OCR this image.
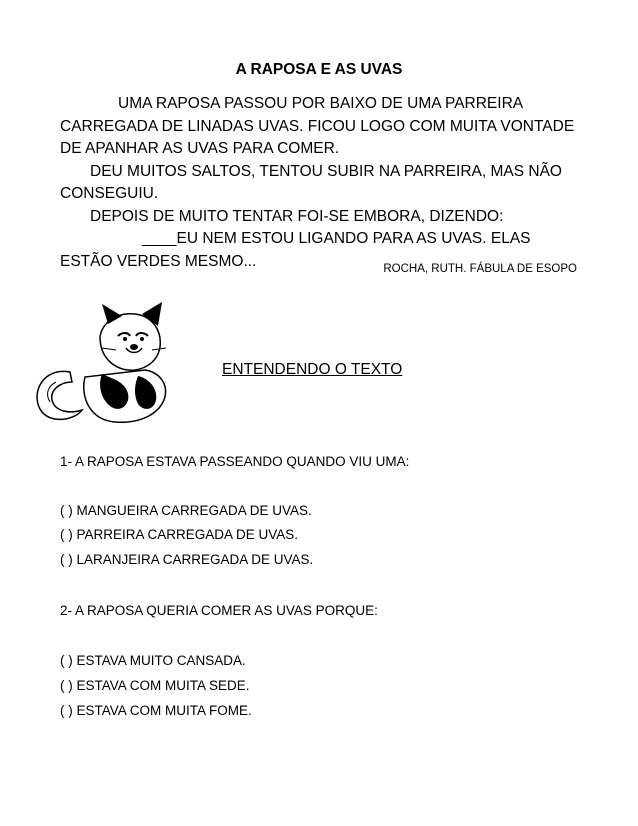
A RAPOSA E AS UVAS

UMA RAPOSA PASSOU POR BAIXO DE UMA PARREIRA CARREGADA DE LINADAS UVAS. FICOU LOGO COM MUITA VONTADE DE APANHAR AS UVAS PARA COMER.

DEU MUITOS SALTOS, TENTOU SUBIR NA PARREIRA, MAS NÃO CONSEGUIU.

DEPOIS DE MUITO TENTAR FOI-SE EMBORA, DIZENDO:

____EU NEM ESTOU LIGANDO PARA AS UVAS. ELAS ESTÃO VERDES MESMO...	ROCHA, RUTH. FÁBULA DE ESOPO
ENTENDENDO O TEXTO
1- A RAPOSA ESTAVA PASSEANDO QUANDO VIU UMA:
( ) MANGUEIRA CARREGADA DE UVAS.
( ) PARREIRA CARREGADA DE UVAS.
( ) LARANJEIRA CARREGADA DE UVAS.
2- A RAPOSA QUERIA COMER AS UVAS PORQUE:
( ) ESTAVA MUITO CANSADA.
( ) ESTAVA COM MUITA SEDE.
( ) ESTAVA COM MUITA FOME.
